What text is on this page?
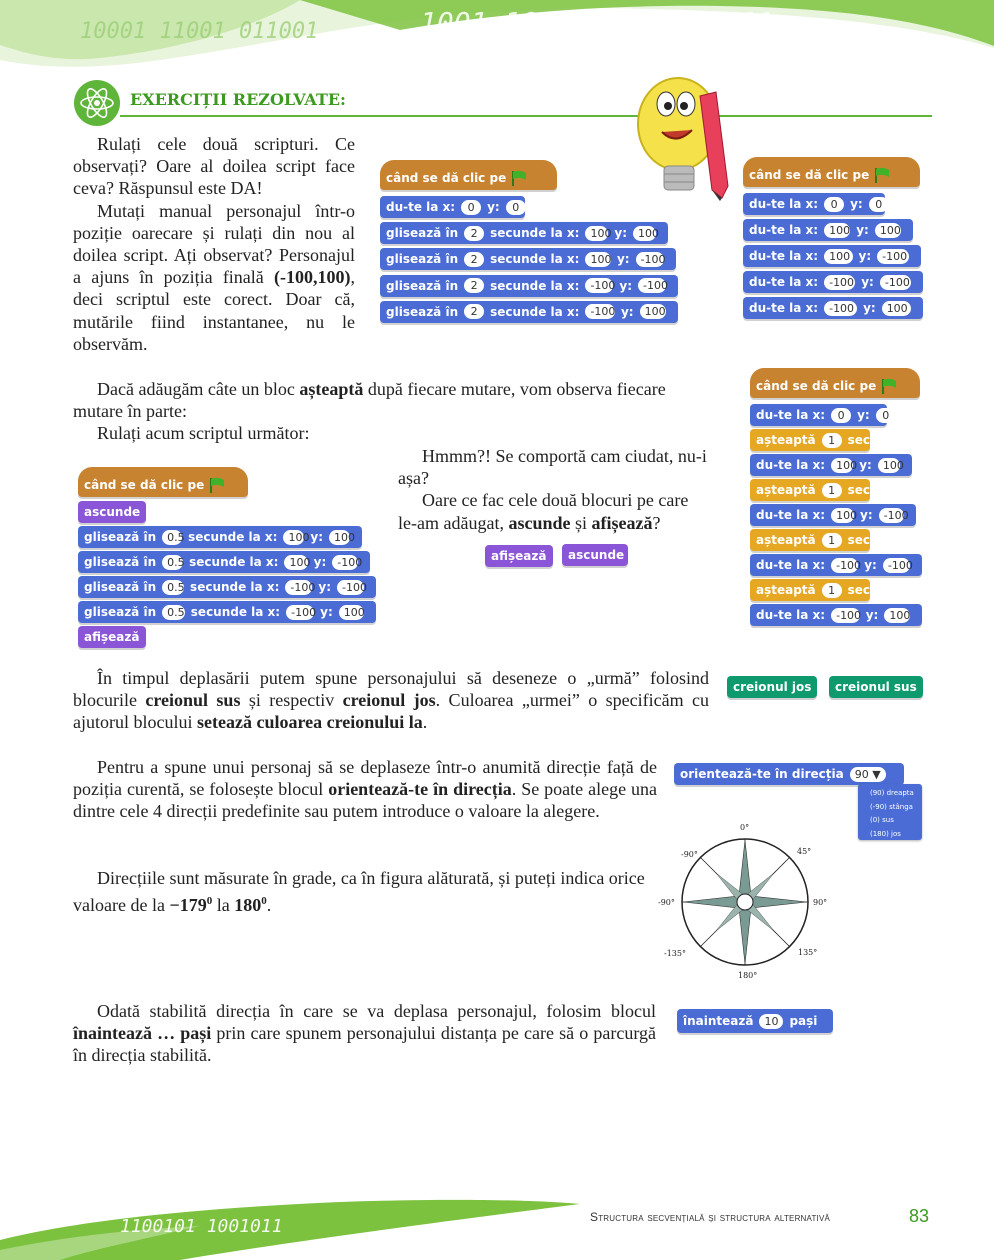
1001 1001101010101011
10001 11001 011001
EXERCIȚII REZOLVATE:

Rulați cele două scripturi. Ce observați? Oare al doilea script face ceva? Răspunsul este DA!

Mutați manual personajul într-o poziție oarecare și rulați din nou al doilea script. Ați observat? Personajul a ajuns în poziția finală (-100,100), deci scriptul este corect. Doar că, mutările fiind instantanee, nu le observăm.

când se dă clic pe
du-te la x:	0	y:	0
glisează în	2	secunde la x:	100 y:	100
glisează în	2	secunde la x:	100 y:	-100
glisează în	2	secunde la x:	-100 y:	-100
glisează în	2	secunde la x:	-100 y:	100
când se dă clic pe
du-te la x:	0	y:	0
du-te la x:	100 y:	100
du-te la x:	100 y:	-100
du-te la x:	-100 y:	-100
du-te la x:	-100 y:	100

Dacă adăugăm câte un bloc așteaptă după fiecare mutare, vom observa fiecare mutare în parte:

Rulați acum scriptul următor:

când se dă clic pe
ascunde
glisează în	0.5 secunde la x:	100 y:	100
glisează în	0.5 secunde la x:	100 y:	-100
glisează în	0.5 secunde la x:	-100 y:	-100
glisează în	0.5 secunde la x:	-100 y:	100
afișează

Hmmm?! Se comportă cam ciudat, nu-i așa?

Oare ce fac cele două blocuri pe care le-am adăugat, ascunde și afișează?

afișează ascunde
când se dă clic pe
du-te la x:	0	y:	0
așteaptă	1	sec
du-te la x:	100 y:	100
așteaptă	1	sec
du-te la x:	100 y:	-100
așteaptă	1	sec
du-te la x:	-100 y:	-100
așteaptă	1	sec
du-te la x:	-100 y:	100

În timpul deplasării putem spune personajului să deseneze o „urmă” folosind blocurile creionul sus și respectiv creionul jos. Culoarea „urmei” o specificăm cu ajutorul blocului setează culoarea creionului la.

creionul jos creionul sus

Pentru a spune unui personaj să se deplaseze într-o anumită direcție față de poziția curentă, se folosește blocul orientează-te în direcția. Se poate alege una dintre cele 4 direcții predefinite sau putem introduce o valoare la alegere.

orientează-te în direcția	90 ▼
(90) dreapta
(-90) stânga
(0) sus
(180) jos

Direcțiile sunt măsurate în grade, ca în figura alăturată, și puteți indica orice valoare de la $-179^0$ la $180^0$.

0°
90°
180°
-90°
45°
-90°
135°
-135°

Odată stabilită direcția în care se va deplasa personajul, folosim blocul înaintează … pași prin care spunem personajului distanța pe care să o parcurgă în direcția stabilită.

înaintează	10 pași
1100101 1001011	Structura secvențială și structura alternativă	83
